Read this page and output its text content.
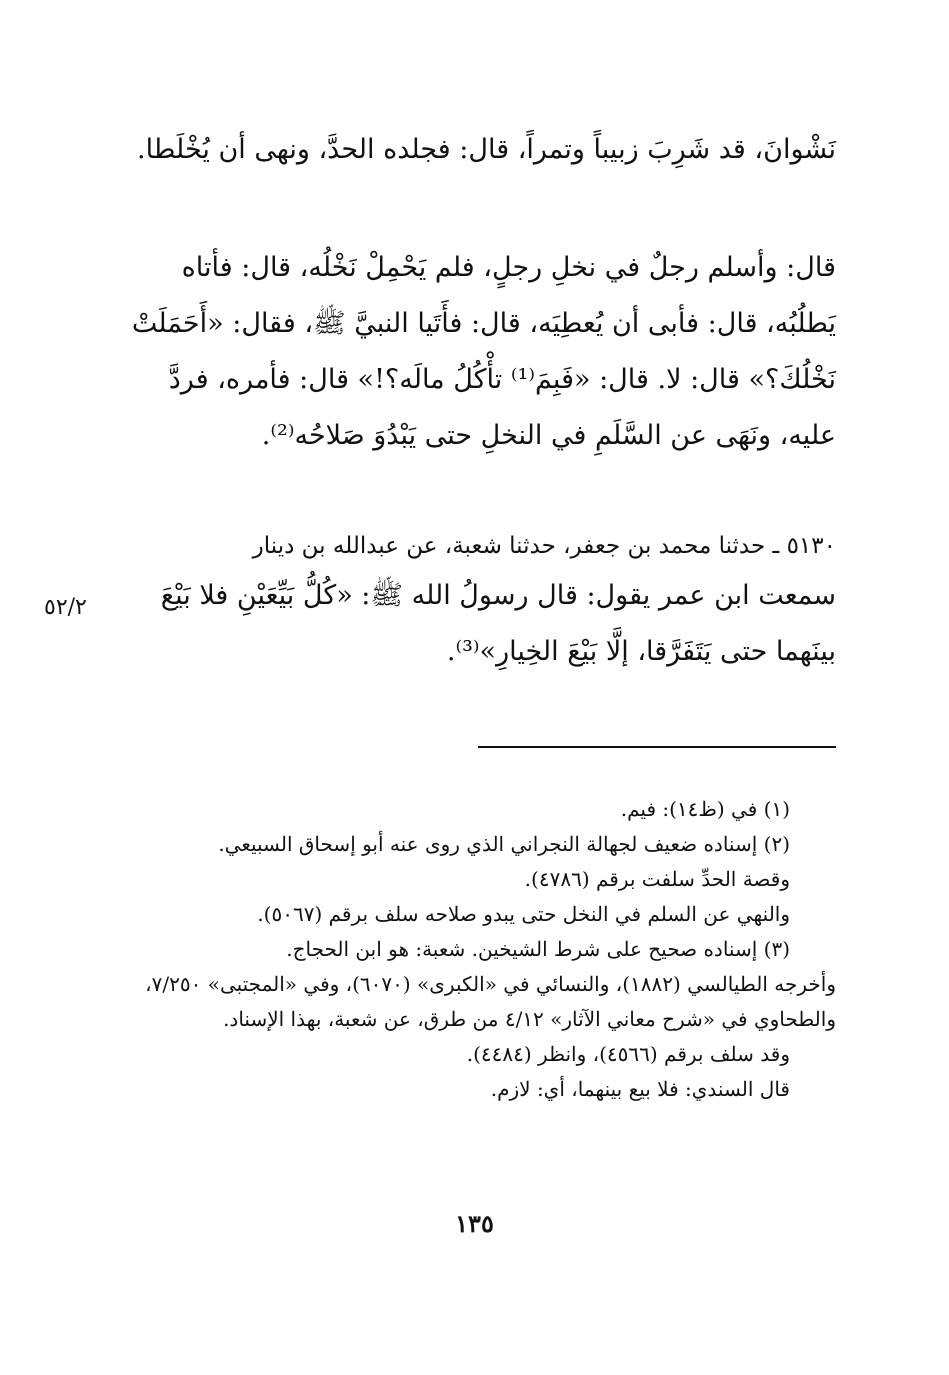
نَشْوانَ، قد شَرِبَ زبيباً وتمراً، قال: فجلده الحدَّ، ونهى أن يُخْلَطا.
قال: وأسلم رجلٌ في نخلِ رجلٍ، فلم يَحْمِلْ نَخْلُه، قال: فأتاه يَطلُبُه، قال: فأبى أن يُعطِيَه، قال: فأَتَيا النبيَّ ﷺ، فقال: «أَحَمَلَتْ نَخْلُكَ؟» قال: لا. قال: «فَبِمَ⁽¹⁾ تأْكُلُ مالَه؟!» قال: فأمره، فردَّ عليه، ونَهَى عن السَّلَمِ في النخلِ حتى يَبْدُوَ صَلاحُه⁽²⁾.
٥١٣٠ ـ حدثنا محمد بن جعفر، حدثنا شعبة، عن عبدالله بن دينار
سمعت ابن عمر يقول: قال رسولُ الله ﷺ: «كُلُّ بَيِّعَيْنِ فلا بَيْعَ بينَهما حتى يَتَفَرَّقا، إلَّا بَيْعَ الخِيارِ»⁽³⁾.
٥٢/٢

(١) في (ظ١٤): فيم.

(٢) إسناده ضعيف لجهالة النجراني الذي روى عنه أبو إسحاق السبيعي.

وقصة الحدِّ سلفت برقم (٤٧٨٦).

والنهي عن السلم في النخل حتى يبدو صلاحه سلف برقم (٥٠٦٧).

(٣) إسناده صحيح على شرط الشيخين. شعبة: هو ابن الحجاج.

وأخرجه الطيالسي (١٨٨٢)، والنسائي في «الكبرى» (٦٠٧٠)، وفي «المجتبى» ٧/٢٥٠، والطحاوي في «شرح معاني الآثار» ٤/١٢ من طرق، عن شعبة، بهذا الإسناد.

وقد سلف برقم (٤٥٦٦)، وانظر (٤٤٨٤).

قال السندي: فلا بيع بينهما، أي: لازم.

١٣٥
